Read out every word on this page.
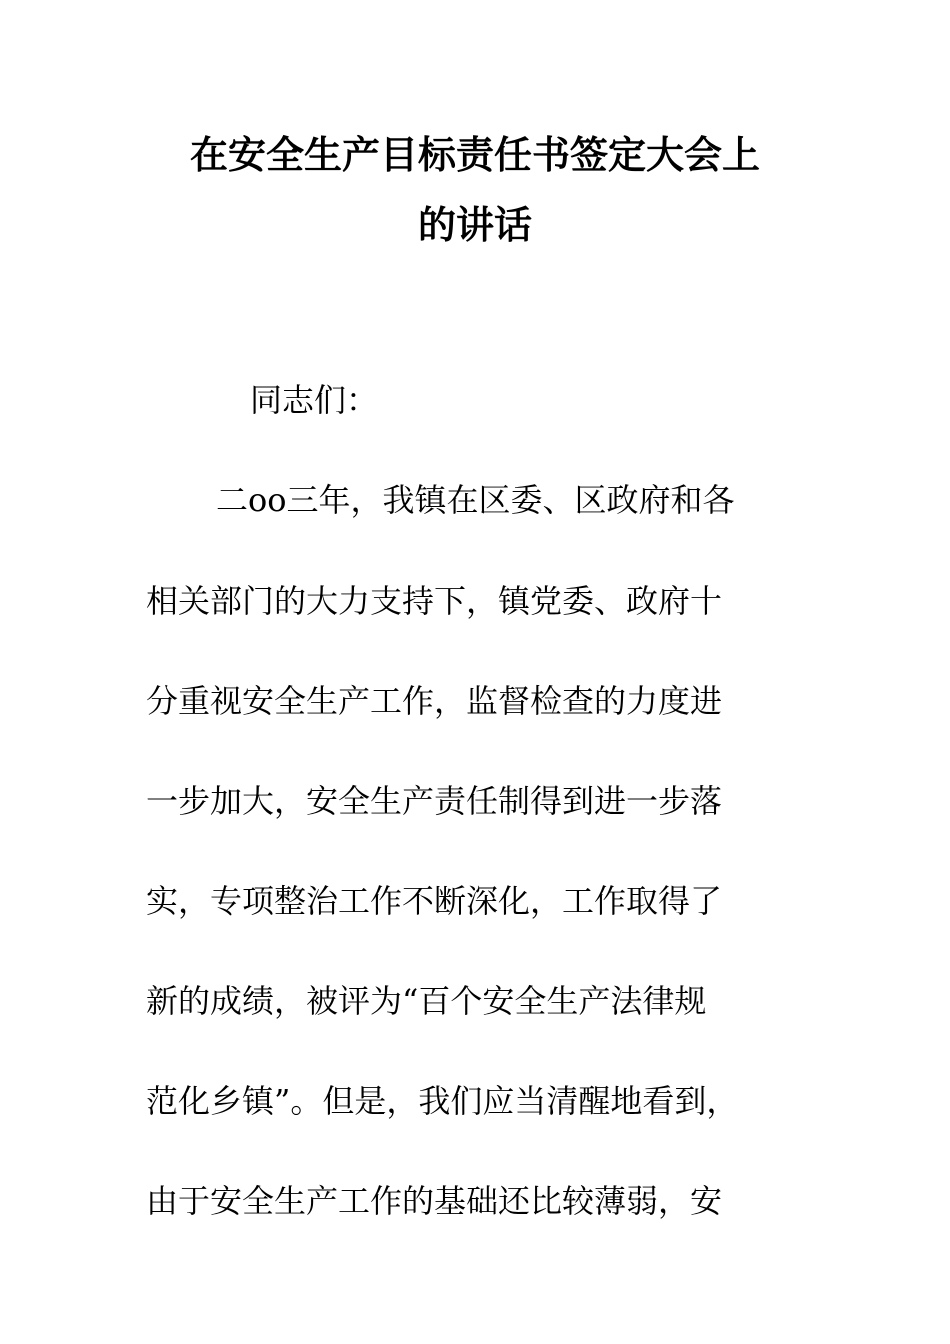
在安全生产目标责任书签定大会上
的讲话
同志们：
二oo三年，我镇在区委、区政府和各
相关部门的大力支持下，镇党委、政府十
分重视安全生产工作，监督检查的力度进
一步加大，安全生产责任制得到进一步落
实，专项整治工作不断深化，工作取得了
新的成绩，被评为“百个安全生产法律规
范化乡镇”。但是，我们应当清醒地看到，
由于安全生产工作的基础还比较薄弱，安
